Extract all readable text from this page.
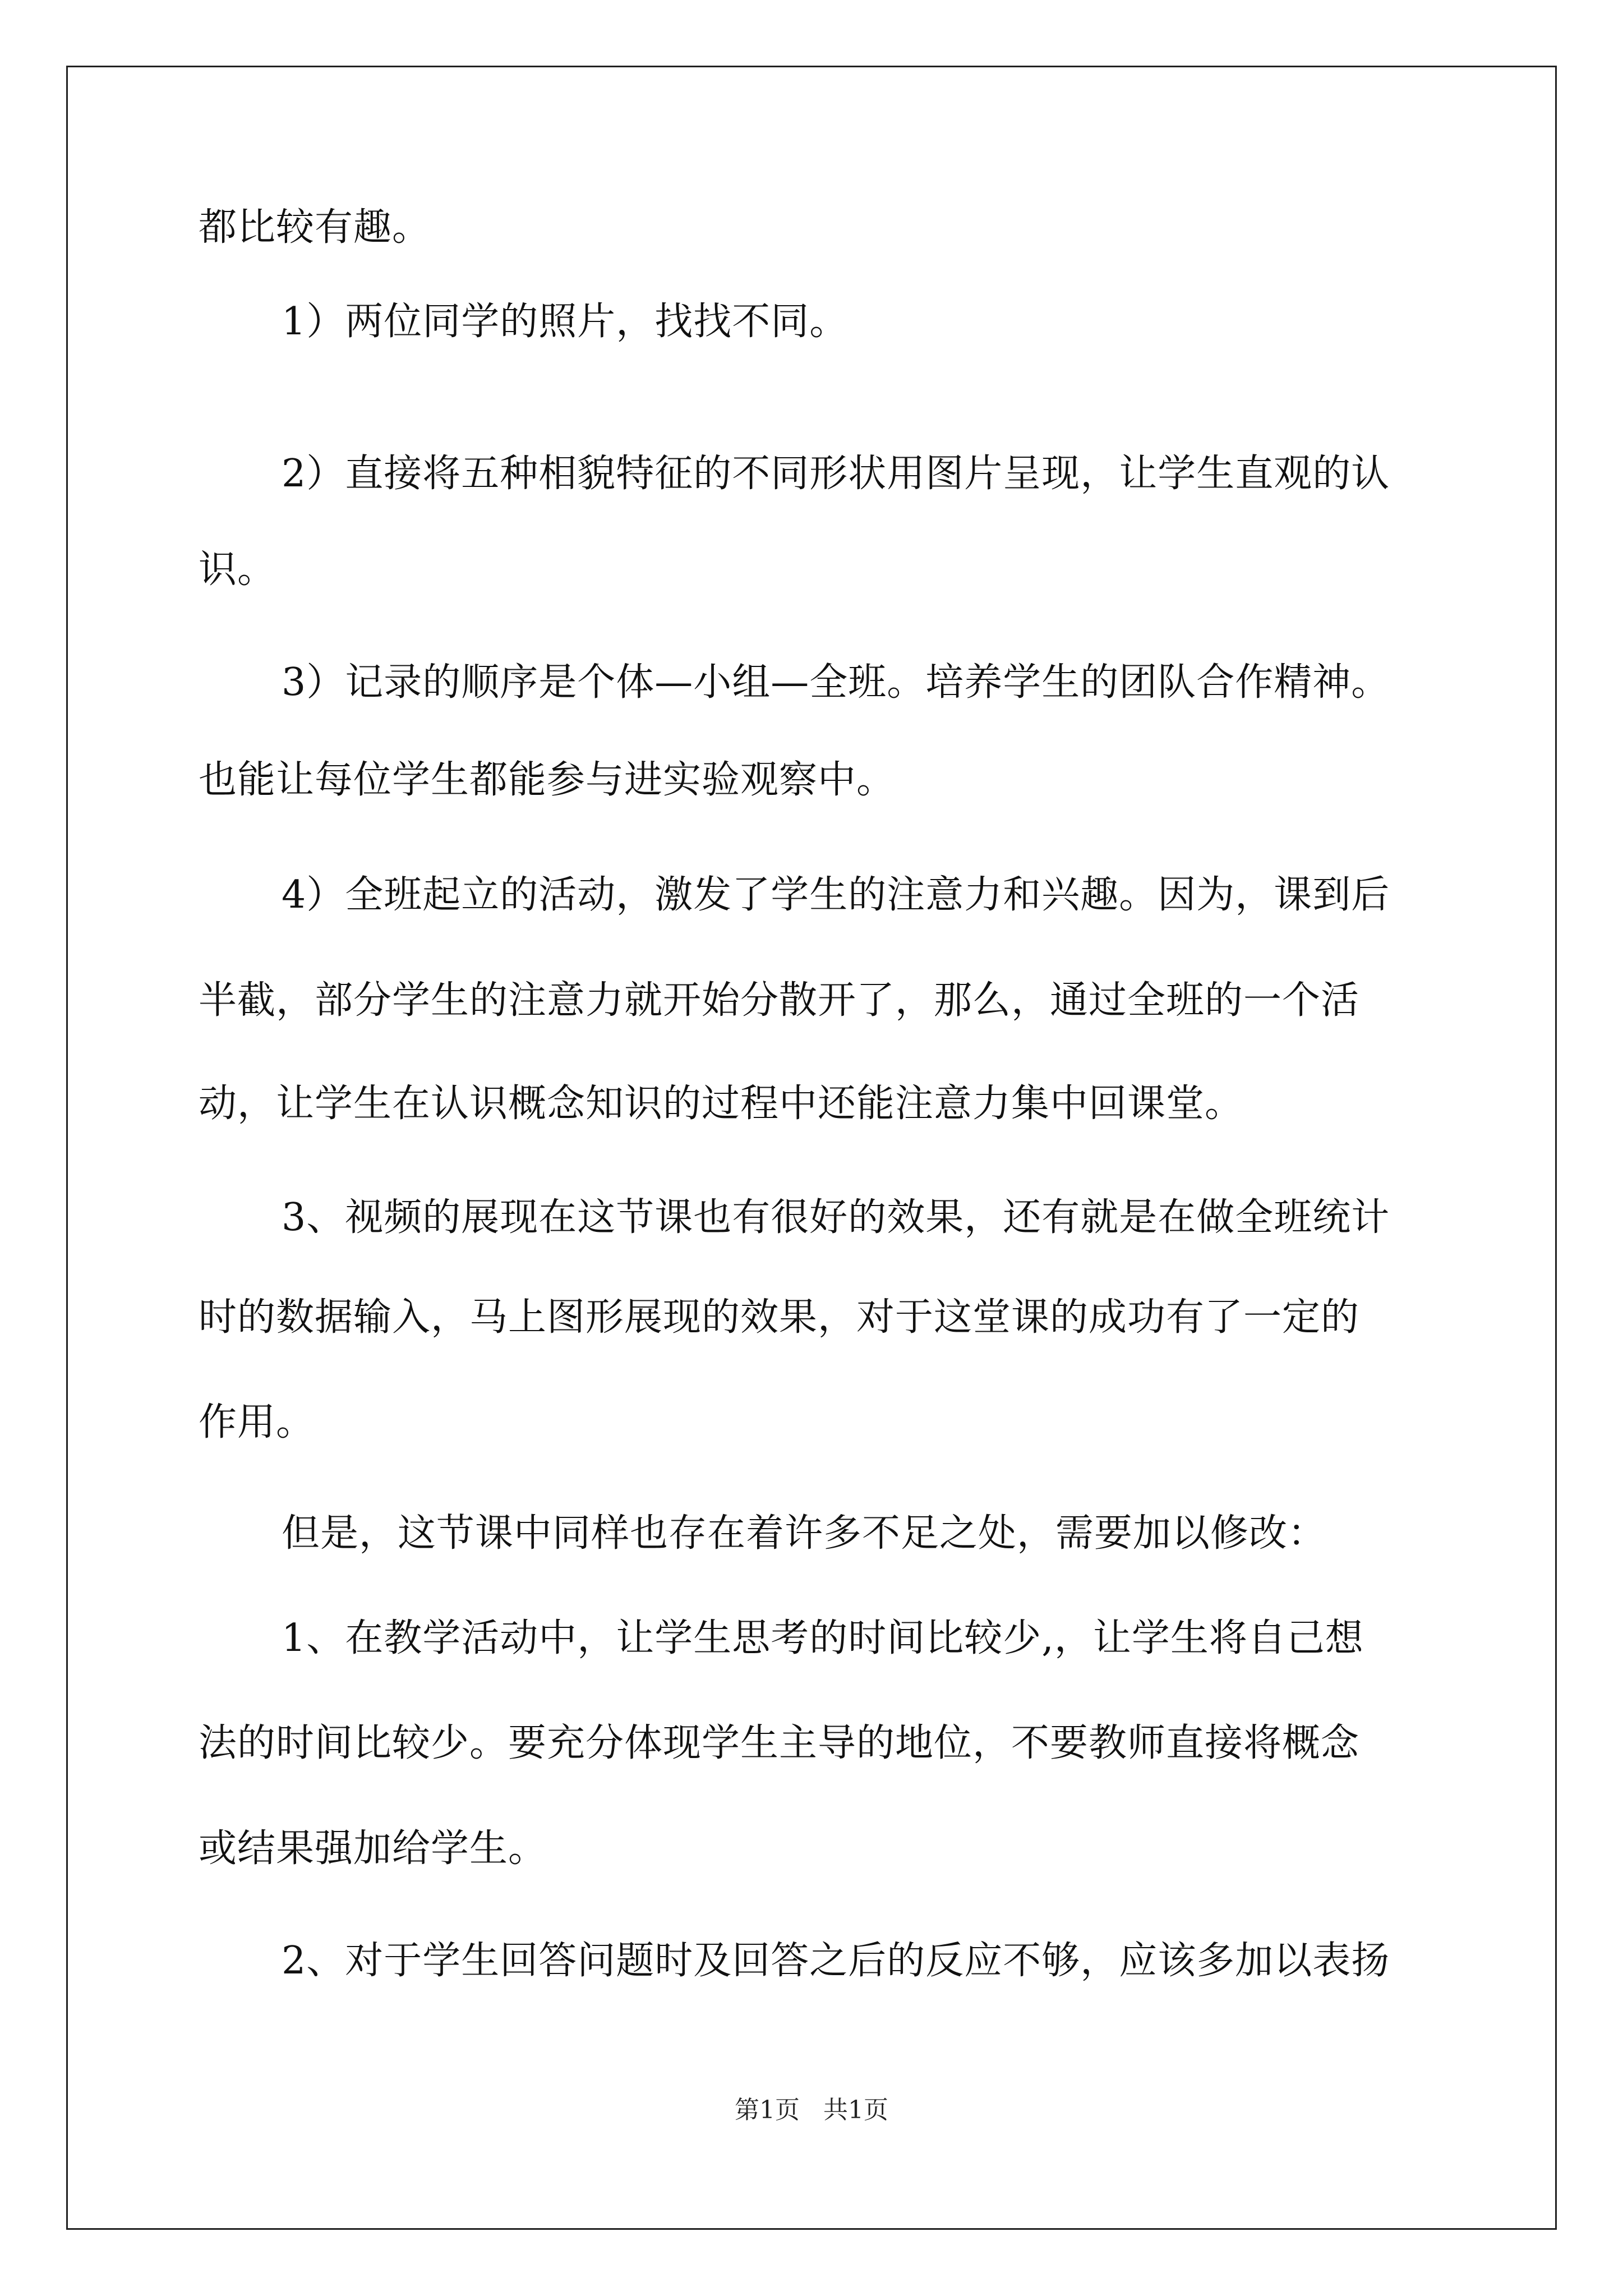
都比较有趣。
1）两位同学的照片，找找不同。
2）直接将五种相貌特征的不同形状用图片呈现，让学生直观的认
识。
3）记录的顺序是个体—小组—全班。培养学生的团队合作精神。
也能让每位学生都能参与进实验观察中。
4）全班起立的活动，激发了学生的注意力和兴趣。因为，课到后
半截，部分学生的注意力就开始分散开了，那么，通过全班的一个活
动，让学生在认识概念知识的过程中还能注意力集中回课堂。
3、视频的展现在这节课也有很好的效果，还有就是在做全班统计
时的数据输入，马上图形展现的效果，对于这堂课的成功有了一定的
作用。
但是，这节课中同样也存在着许多不足之处，需要加以修改：
1、在教学活动中，让学生思考的时间比较少,，让学生将自己想
法的时间比较少。要充分体现学生主导的地位，不要教师直接将概念
或结果强加给学生。
2、对于学生回答问题时及回答之后的反应不够，应该多加以表扬
第1页   共1页
